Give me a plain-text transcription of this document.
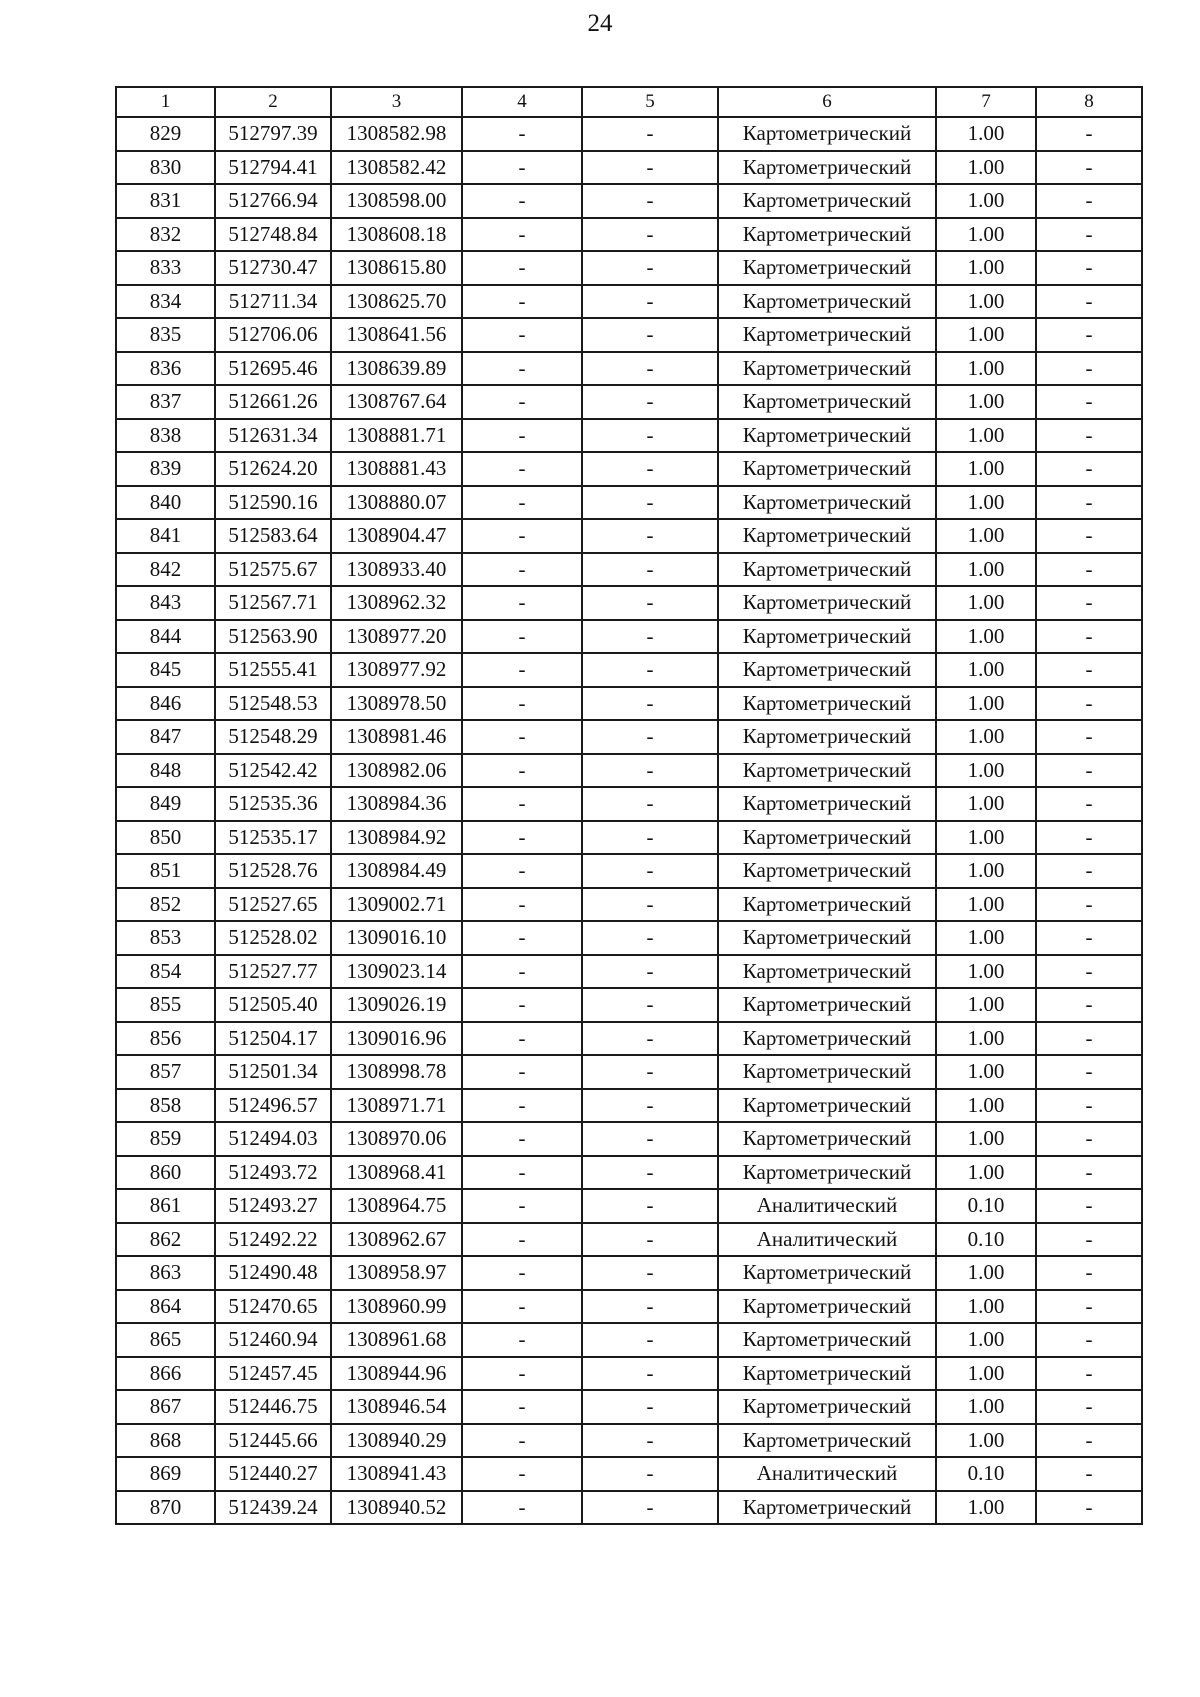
24
1	2	3	4	5	6	7	8
829	512797.39	1308582.98	-	-	Картометрический	1.00	-
830	512794.41	1308582.42	-	-	Картометрический	1.00	-
831	512766.94	1308598.00	-	-	Картометрический	1.00	-
832	512748.84	1308608.18	-	-	Картометрический	1.00	-
833	512730.47	1308615.80	-	-	Картометрический	1.00	-
834	512711.34	1308625.70	-	-	Картометрический	1.00	-
835	512706.06	1308641.56	-	-	Картометрический	1.00	-
836	512695.46	1308639.89	-	-	Картометрический	1.00	-
837	512661.26	1308767.64	-	-	Картометрический	1.00	-
838	512631.34	1308881.71	-	-	Картометрический	1.00	-
839	512624.20	1308881.43	-	-	Картометрический	1.00	-
840	512590.16	1308880.07	-	-	Картометрический	1.00	-
841	512583.64	1308904.47	-	-	Картометрический	1.00	-
842	512575.67	1308933.40	-	-	Картометрический	1.00	-
843	512567.71	1308962.32	-	-	Картометрический	1.00	-
844	512563.90	1308977.20	-	-	Картометрический	1.00	-
845	512555.41	1308977.92	-	-	Картометрический	1.00	-
846	512548.53	1308978.50	-	-	Картометрический	1.00	-
847	512548.29	1308981.46	-	-	Картометрический	1.00	-
848	512542.42	1308982.06	-	-	Картометрический	1.00	-
849	512535.36	1308984.36	-	-	Картометрический	1.00	-
850	512535.17	1308984.92	-	-	Картометрический	1.00	-
851	512528.76	1308984.49	-	-	Картометрический	1.00	-
852	512527.65	1309002.71	-	-	Картометрический	1.00	-
853	512528.02	1309016.10	-	-	Картометрический	1.00	-
854	512527.77	1309023.14	-	-	Картометрический	1.00	-
855	512505.40	1309026.19	-	-	Картометрический	1.00	-
856	512504.17	1309016.96	-	-	Картометрический	1.00	-
857	512501.34	1308998.78	-	-	Картометрический	1.00	-
858	512496.57	1308971.71	-	-	Картометрический	1.00	-
859	512494.03	1308970.06	-	-	Картометрический	1.00	-
860	512493.72	1308968.41	-	-	Картометрический	1.00	-
861	512493.27	1308964.75	-	-	Аналитический	0.10	-
862	512492.22	1308962.67	-	-	Аналитический	0.10	-
863	512490.48	1308958.97	-	-	Картометрический	1.00	-
864	512470.65	1308960.99	-	-	Картометрический	1.00	-
865	512460.94	1308961.68	-	-	Картометрический	1.00	-
866	512457.45	1308944.96	-	-	Картометрический	1.00	-
867	512446.75	1308946.54	-	-	Картометрический	1.00	-
868	512445.66	1308940.29	-	-	Картометрический	1.00	-
869	512440.27	1308941.43	-	-	Аналитический	0.10	-
870	512439.24	1308940.52	-	-	Картометрический	1.00	-
